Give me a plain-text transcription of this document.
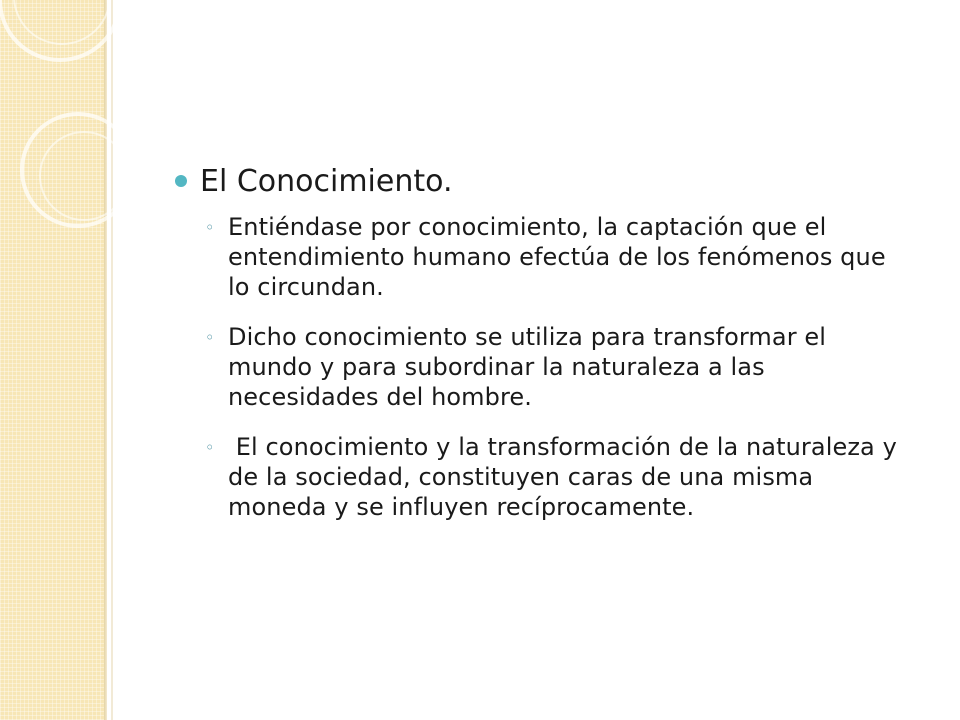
El Conocimiento.
◦ Entiéndase por conocimiento, la captación que el entendimiento humano efectúa de los fenómenos que lo circundan.
◦ Dicho conocimiento se utiliza para transformar el mundo y para subordinar la naturaleza a las necesidades del hombre.
◦ El conocimiento y la transformación de la naturaleza y de la sociedad, constituyen caras de una misma moneda y se influyen recíprocamente.
